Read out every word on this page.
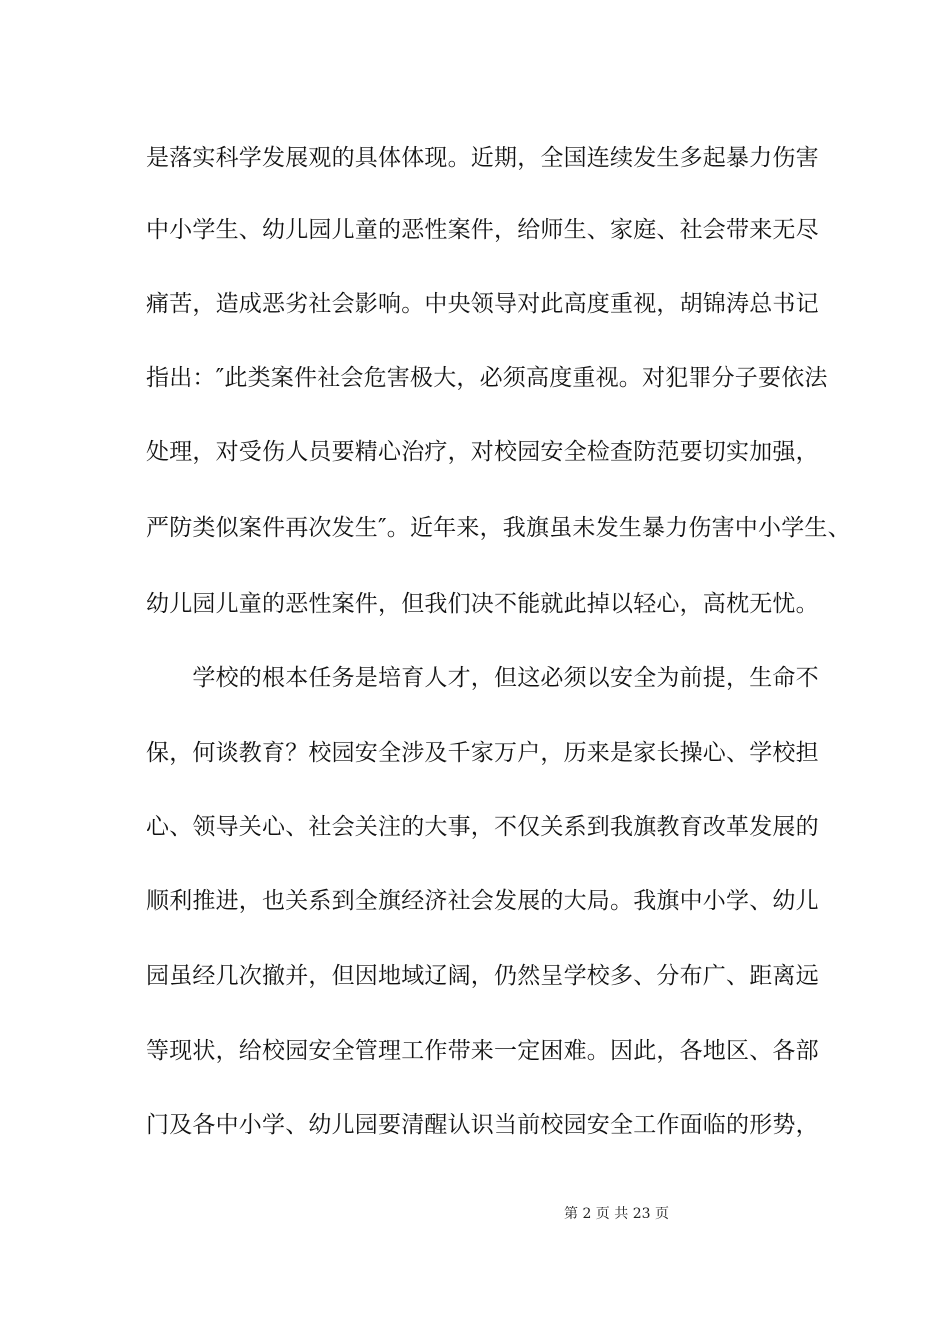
是落实科学发展观的具体体现。近期，全国连续发生多起暴力伤害
中小学生、幼儿园儿童的恶性案件，给师生、家庭、社会带来无尽
痛苦，造成恶劣社会影响。中央领导对此高度重视，胡锦涛总书记
指出：″此类案件社会危害极大，必须高度重视。对犯罪分子要依法
处理，对受伤人员要精心治疗，对校园安全检查防范要切实加强，
严防类似案件再次发生″。近年来，我旗虽未发生暴力伤害中小学生、
幼儿园儿童的恶性案件，但我们决不能就此掉以轻心，高枕无忧。
　　学校的根本任务是培育人才，但这必须以安全为前提，生命不
保，何谈教育？校园安全涉及千家万户，历来是家长操心、学校担
心、领导关心、社会关注的大事，不仅关系到我旗教育改革发展的
顺利推进，也关系到全旗经济社会发展的大局。我旗中小学、幼儿
园虽经几次撤并，但因地域辽阔，仍然呈学校多、分布广、距离远
等现状，给校园安全管理工作带来一定困难。因此，各地区、各部
门及各中小学、幼儿园要清醒认识当前校园安全工作面临的形势，
第 2 页 共 23 页
